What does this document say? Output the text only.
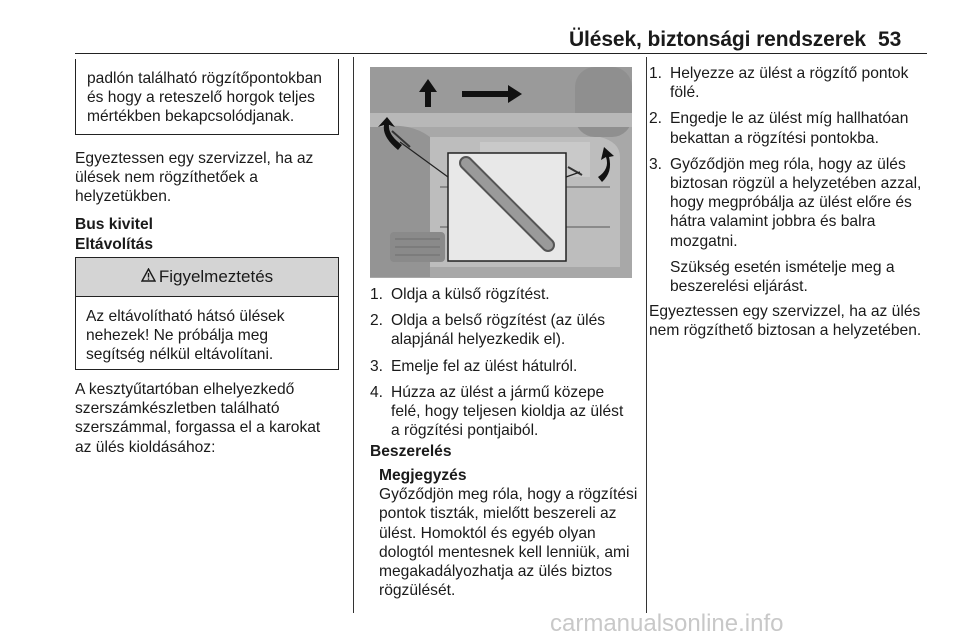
Ülések, biztonsági rendszerek 53

padlón található rögzítőpontokban és hogy a reteszelő horgok teljes mértékben bekapcsolódjanak.

Egyeztessen egy szervizzel, ha az ülések nem rögzíthetőek a helyzetükben.

Bus kivitel

Eltávolítás

Figyelmeztetés

Az eltávolítható hátsó ülések nehezek! Ne próbálja meg segítség nélkül eltávolítani.

A kesztyűtartóban elhelyezkedő szerszámkészletben található szerszámmal, forgassa el a karokat az ülés kioldásához:

1. Oldja a külső rögzítést.
2. Oldja a belső rögzítést (az ülés alapjánál helyezkedik el).
3. Emelje fel az ülést hátulról.
4. Húzza az ülést a jármű közepe felé, hogy teljesen kioldja az ülést a rögzítési pontjaiból.

Beszerelés

Megjegyzés

Győződjön meg róla, hogy a rögzítési pontok tiszták, mielőtt beszereli az ülést. Homoktól és egyéb olyan dologtól mentesnek kell lenniük, ami megakadályozhatja az ülés biztos rögzülését.

1. Helyezze az ülést a rögzítő pontok fölé.
2. Engedje le az ülést míg hallhatóan bekattan a rögzítési pontokba.
3. Győződjön meg róla, hogy az ülés biztosan rögzül a helyzetében azzal, hogy megpróbálja az ülést előre és hátra valamint jobbra és balra mozgatni.

Szükség esetén ismételje meg a beszerelési eljárást.

Egyeztessen egy szervizzel, ha az ülés nem rögzíthető biztosan a helyzetében.

carmanualsonline.info
